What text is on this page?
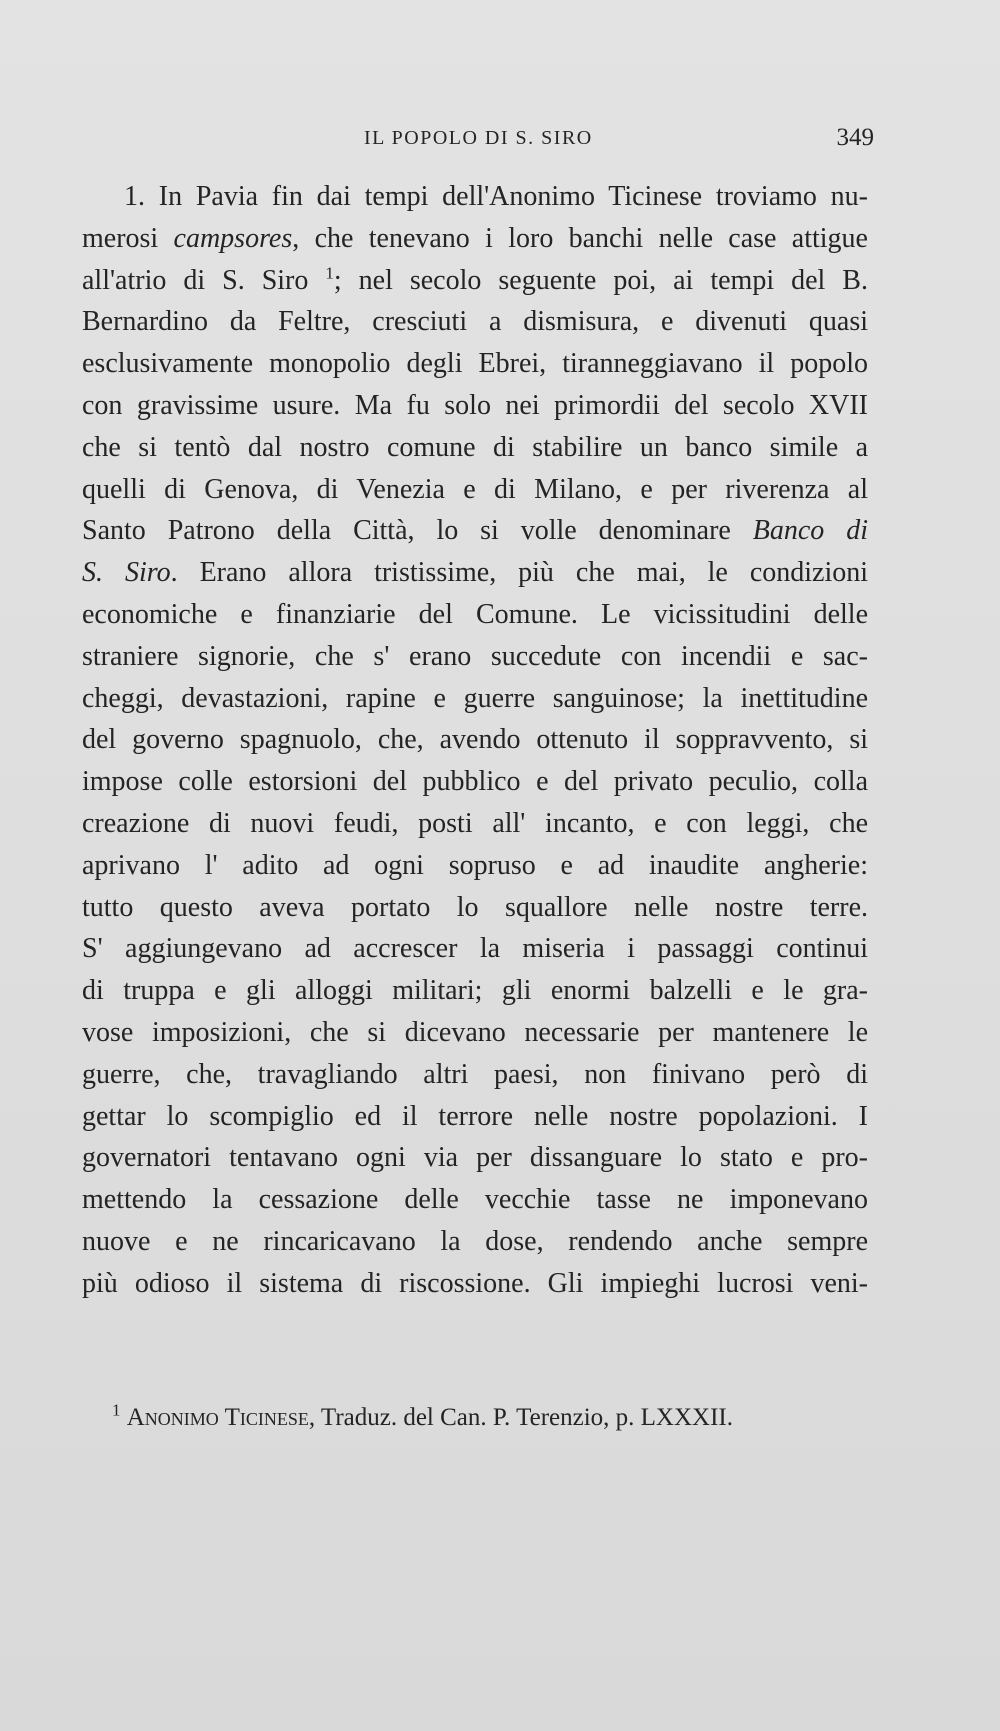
IL POPOLO DI S. SIRO	349
1. In Pavia fin dai tempi dell'Anonimo Ticinese troviamo nu-
merosi campsores, che tenevano i loro banchi nelle case attigue
all'atrio di S. Siro $^1$; nel secolo seguente poi, ai tempi del B.
Bernardino da Feltre, cresciuti a dismisura, e divenuti quasi
esclusivamente monopolio degli Ebrei, tiranneggiavano il popolo
con gravissime usure. Ma fu solo nei primordii del secolo XVII
che si tentò dal nostro comune di stabilire un banco simile a
quelli di Genova, di Venezia e di Milano, e per riverenza al
Santo Patrono della Città, lo si volle denominare Banco di
S. Siro. Erano allora tristissime, più che mai, le condizioni
economiche e finanziarie del Comune. Le vicissitudini delle
straniere signorie, che s' erano succedute con incendii e sac-
cheggi, devastazioni, rapine e guerre sanguinose; la inettitudine
del governo spagnuolo, che, avendo ottenuto il soppravvento, si
impose colle estorsioni del pubblico e del privato peculio, colla
creazione di nuovi feudi, posti all' incanto, e con leggi, che
aprivano l' adito ad ogni sopruso e ad inaudite angherie:
tutto questo aveva portato lo squallore nelle nostre terre.
S' aggiungevano ad accrescer la miseria i passaggi continui
di truppa e gli alloggi militari; gli enormi balzelli e le gra-
vose imposizioni, che si dicevano necessarie per mantenere le
guerre, che, travagliando altri paesi, non finivano però di
gettar lo scompiglio ed il terrore nelle nostre popolazioni. I
governatori tentavano ogni via per dissanguare lo stato e pro-
mettendo la cessazione delle vecchie tasse ne imponevano
nuove e ne rincaricavano la dose, rendendo anche sempre
più odioso il sistema di riscossione. Gli impieghi lucrosi veni-
$^1$ Anonimo Ticinese, Traduz. del Can. P. Terenzio, p. LXXXII.
